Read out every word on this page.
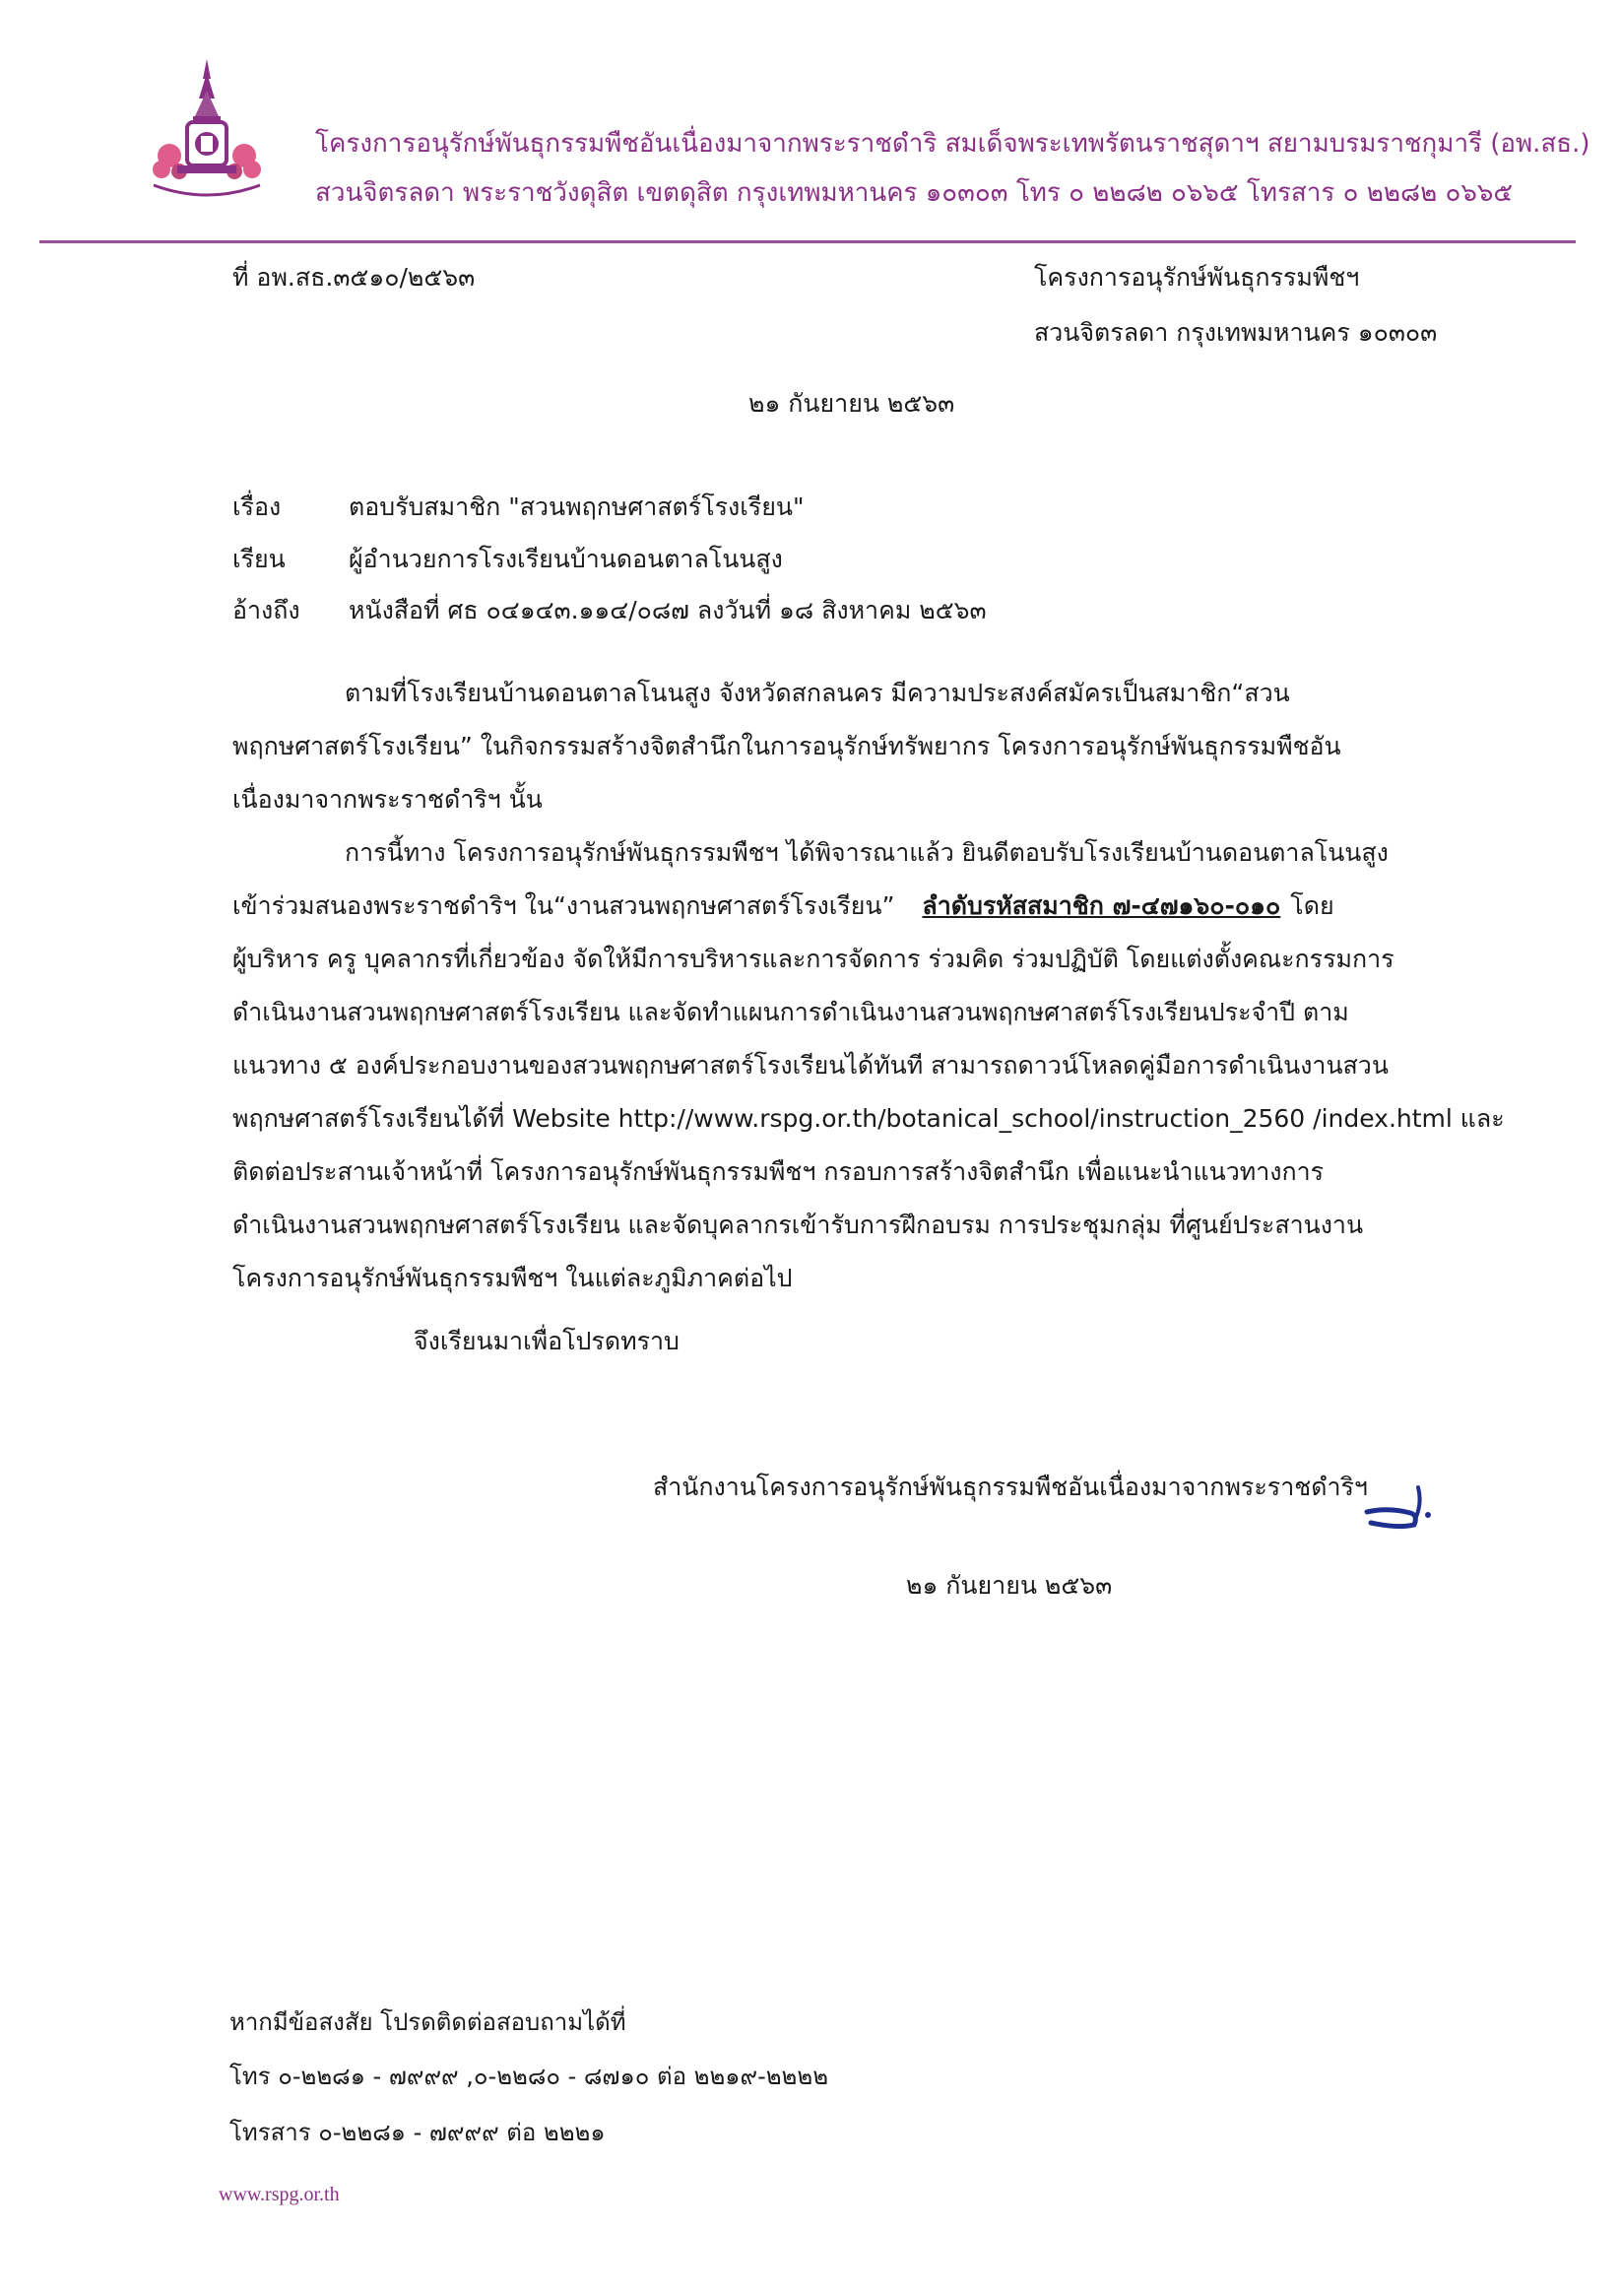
โครงการอนุรักษ์พันธุกรรมพืชอันเนื่องมาจากพระราชดําริ สมเด็จพระเทพรัตนราชสุดาฯ สยามบรมราชกุมารี (อพ.สธ.)
สวนจิตรลดา พระราชวังดุสิต เขตดุสิต กรุงเทพมหานคร ๑๐๓๐๓ โทร ๐ ๒๒๘๒ ๐๖๖๕ โทรสาร ๐ ๒๒๘๒ ๐๖๖๕
ที่ อพ.สธ.๓๕๑๐/๒๕๖๓	โครงการอนุรักษ์พันธุกรรมพืชฯ
สวนจิตรลดา กรุงเทพมหานคร ๑๐๓๐๓
๒๑ กันยายน ๒๕๖๓
เรื่อง	ตอบรับสมาชิก "สวนพฤกษศาสตร์โรงเรียน"
เรียน	ผู้อำนวยการโรงเรียนบ้านดอนตาลโนนสูง
อ้างถึง หนังสือที่ ศธ ๐๔๑๔๓.๑๑๔/๐๘๗ ลงวันที่ ๑๘ สิงหาคม ๒๕๖๓
ตามที่โรงเรียนบ้านดอนตาลโนนสูง จังหวัดสกลนคร มีความประสงค์สมัครเป็นสมาชิก“สวน
พฤกษศาสตร์โรงเรียน” ในกิจกรรมสร้างจิตสำนึกในการอนุรักษ์ทรัพยากร โครงการอนุรักษ์พันธุกรรมพืชอัน
เนื่องมาจากพระราชดำริฯ นั้น
การนี้ทาง โครงการอนุรักษ์พันธุกรรมพืชฯ ได้พิจารณาแล้ว ยินดีตอบรับโรงเรียนบ้านดอนตาลโนนสูง
เข้าร่วมสนองพระราชดำริฯ ใน“งานสวนพฤกษศาสตร์โรงเรียน” ลำดับรหัสสมาชิก ๗-๔๗๑๖๐-๐๑๐ โดย
ผู้บริหาร ครู บุคลากรที่เกี่ยวข้อง จัดให้มีการบริหารและการจัดการ ร่วมคิด ร่วมปฏิบัติ โดยแต่งตั้งคณะกรรมการ
ดำเนินงานสวนพฤกษศาสตร์โรงเรียน และจัดทำแผนการดำเนินงานสวนพฤกษศาสตร์โรงเรียนประจำปี ตาม
แนวทาง ๕ องค์ประกอบงานของสวนพฤกษศาสตร์โรงเรียนได้ทันที สามารถดาวน์โหลดคู่มือการดำเนินงานสวน
พฤกษศาสตร์โรงเรียนได้ที่ Website http://www.rspg.or.th/botanical_school/instruction_2560 /index.html และ
ติดต่อประสานเจ้าหน้าที่ โครงการอนุรักษ์พันธุกรรมพืชฯ กรอบการสร้างจิตสำนึก เพื่อแนะนำแนวทางการ
ดำเนินงานสวนพฤกษศาสตร์โรงเรียน และจัดบุคลากรเข้ารับการฝึกอบรม การประชุมกลุ่ม ที่ศูนย์ประสานงาน
โครงการอนุรักษ์พันธุกรรมพืชฯ ในแต่ละภูมิภาคต่อไป
จึงเรียนมาเพื่อโปรดทราบ
สำนักงานโครงการอนุรักษ์พันธุกรรมพืชอันเนื่องมาจากพระราชดำริฯ
๒๑ กันยายน ๒๕๖๓
หากมีข้อสงสัย โปรดติดต่อสอบถามได้ที่
โทร ๐-๒๒๘๑ - ๗๙๙๙ ,๐-๒๒๘๐ - ๘๗๑๐ ต่อ ๒๒๑๙-๒๒๒๒
โทรสาร ๐-๒๒๘๑ - ๗๙๙๙ ต่อ ๒๒๒๑
www.rspg.or.th
